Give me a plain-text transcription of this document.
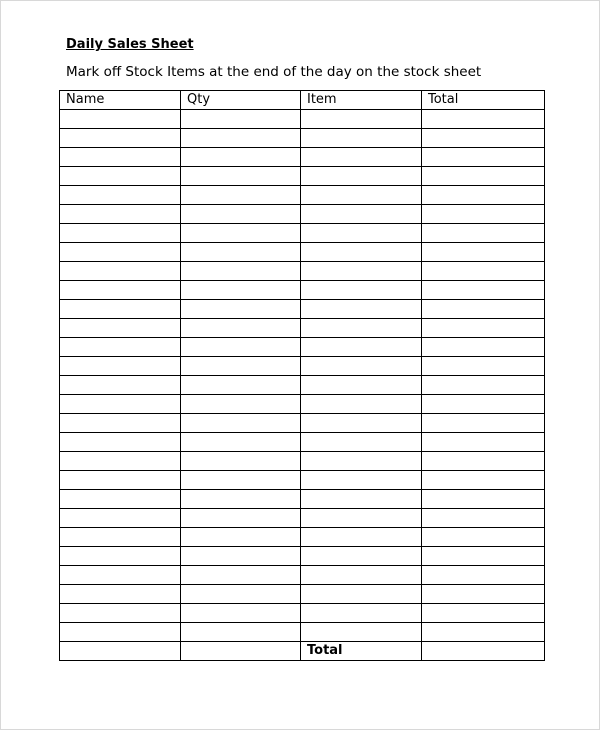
Daily Sales Sheet
Mark off Stock Items at the end of the day on the stock sheet
Name	Qty	Item	Total

		Total	
